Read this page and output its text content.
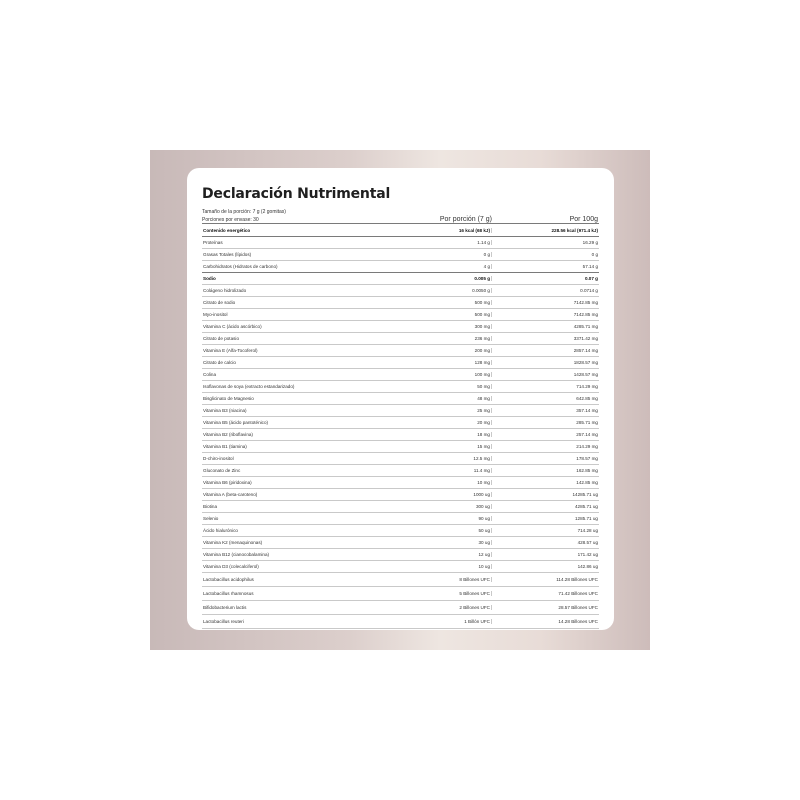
Declaración Nutrimental
Tamaño de la porción: 7 g (2 gomitas)
Porciones por envase: 30	Por porción (7 g)	Por 100g
Contenido energético	16 kcal (68 kJ)	228.56 kcal (971.4 kJ)
Proteínas	1.14 g	16.29 g
Grasas Totales (lípidos)	0 g	0 g
Carbohidratos (Hidratos de carbono)	4 g	57.14 g
Sodio	0.005 g	0.07 g
Colágeno hidrolizado	0.0050 g	0.0714 g
Citrato de sodio	500 mg	7142.85 mg
Myo-inositol	500 mg	7142.85 mg
Vitamina C (ácido ascórbico)	300 mg	4285.71 mg
Citrato de potasio	236 mg	3371.42 mg
Vitamina E (Alfa-Tocoferol)	200 mg	2857.14 mg
Citrato de calcio	128 mg	1828.57 mg
Colina	100 mg	1428.57 mg
Isoflavonas de soya (extracto estandarizado)	50 mg	714.29 mg
Bisglicinato de Magnesio	48 mg	642.85 mg
Vitamina B3 (niacina)	25 mg	357.14 mg
Vitamina B5 (ácido pantoténico)	20 mg	285.71 mg
Vitamina B2 (riboflavina)	18 mg	257.14 mg
Vitamina B1 (tiamina)	15 mg	214.29 mg
D-chiro-inositol	12.5 mg	178.57 mg
Gluconato de Zinc	11.4 mg	162.85 mg
Vitamina B6 (piridoxina)	10 mg	142.85 mg
Vitamina A (beta-caroteno)	1000 ug	14285.71 ug
Biotina	300 ug	4285.71 ug
Selenio	90 ug	1285.71 ug
Ácido hialurónico	50 ug	714.28 ug
Vitamina K2 (menaquinonas)	30 ug	428.57 ug
Vitamina B12 (cianocobalamina)	12 ug	171.42 ug
Vitamina D3 (colecalciferol)	10 ug	142.86 ug
Lactobacillus acidophilus	8 Billones UFC	114.28 Billones UFC
Lactobacillus rhamnosus	5 Billones UFC	71.42 Billones UFC
Bifidobacterium lactis	2 Billones UFC	28.57 Billones UFC
Lactobacillus reuteri	1 Billón UFC	14.28 Billones UFC
